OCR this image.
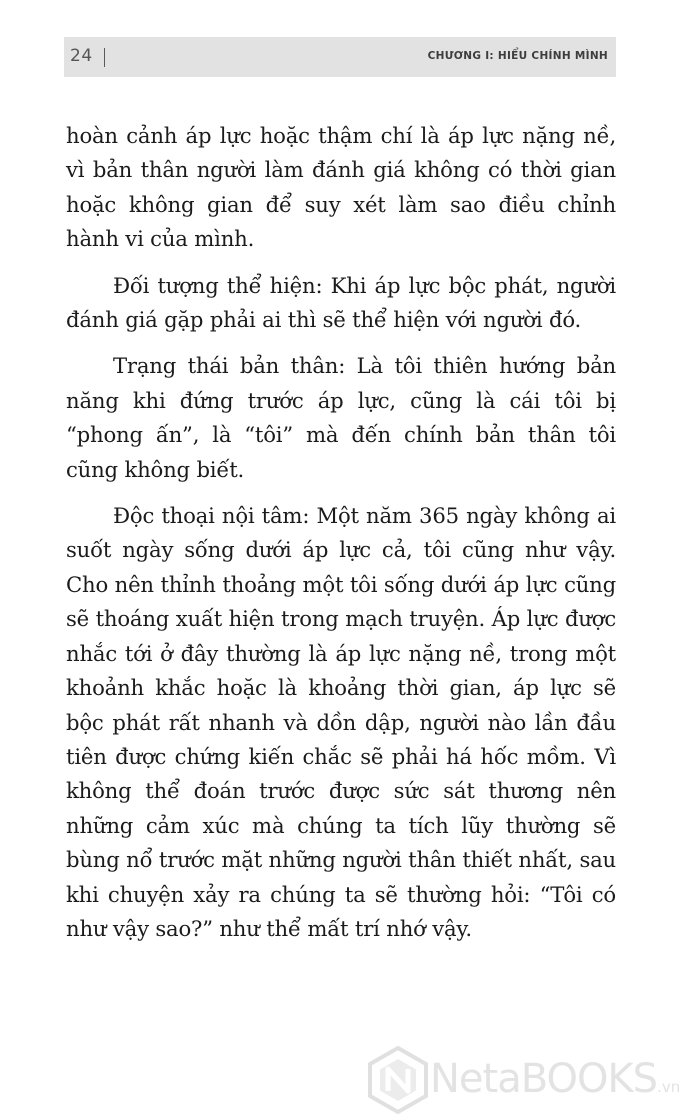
24	CHƯƠNG I: HIỂU CHÍNH MÌNH

hoàn cảnh áp lực hoặc thậm chí là áp lực nặng nề, vì bản thân người làm đánh giá không có thời gian hoặc không gian để suy xét làm sao điều chỉnh hành vi của mình.

Đối tượng thể hiện: Khi áp lực bộc phát, người đánh giá gặp phải ai thì sẽ thể hiện với người đó.

Trạng thái bản thân: Là tôi thiên hướng bản năng khi đứng trước áp lực, cũng là cái tôi bị “phong ấn”, là “tôi” mà đến chính bản thân tôi cũng không biết.

Độc thoại nội tâm: Một năm 365 ngày không ai suốt ngày sống dưới áp lực cả, tôi cũng như vậy. Cho nên thỉnh thoảng một tôi sống dưới áp lực cũng sẽ thoáng xuất hiện trong mạch truyện. Áp lực được nhắc tới ở đây thường là áp lực nặng nề, trong một khoảnh khắc hoặc là khoảng thời gian, áp lực sẽ bộc phát rất nhanh và dồn dập, người nào lần đầu tiên được chứng kiến chắc sẽ phải há hốc mồm. Vì không thể đoán trước được sức sát thương nên những cảm xúc mà chúng ta tích lũy thường sẽ bùng nổ trước mặt những người thân thiết nhất, sau khi chuyện xảy ra chúng ta sẽ thường hỏi: “Tôi có như vậy sao?” như thể mất trí nhớ vậy.

NetaBOOKS.vn
